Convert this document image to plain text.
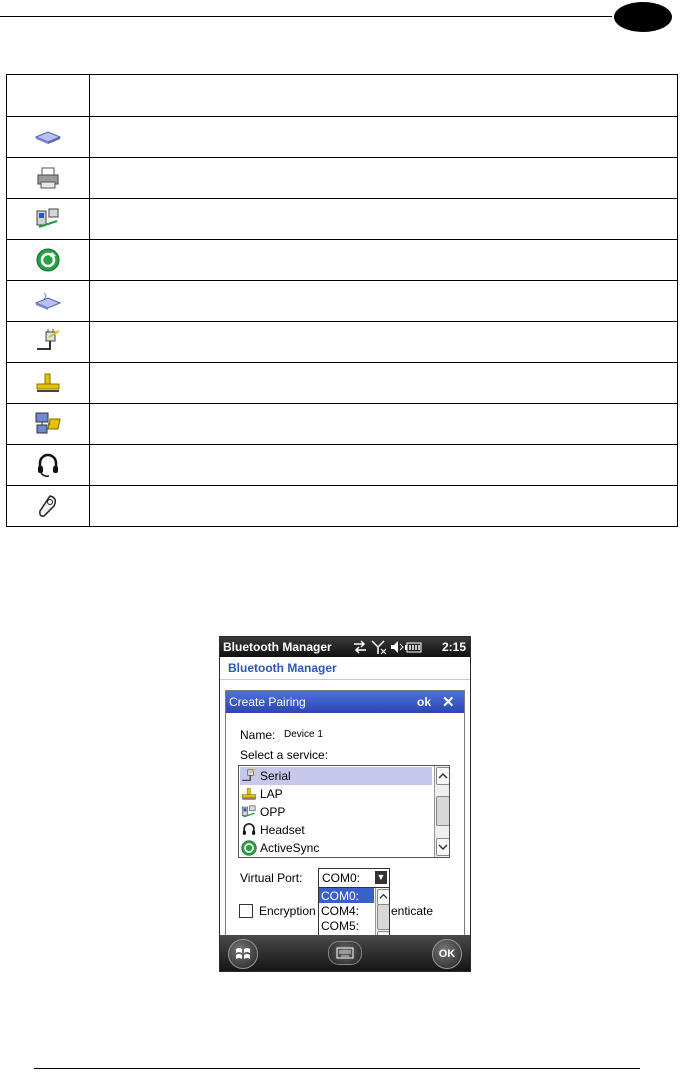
Bluetooth Manager	2:15
Bluetooth Manager
Create Pairing	ok ✕
Name: Device 1
Select a service:
Serial
LAP
OPP
Headset
ActiveSync
Virtual Port: COM0: ▼
Encryption	enticate
COM0:
COM4:
COM5:
OK
